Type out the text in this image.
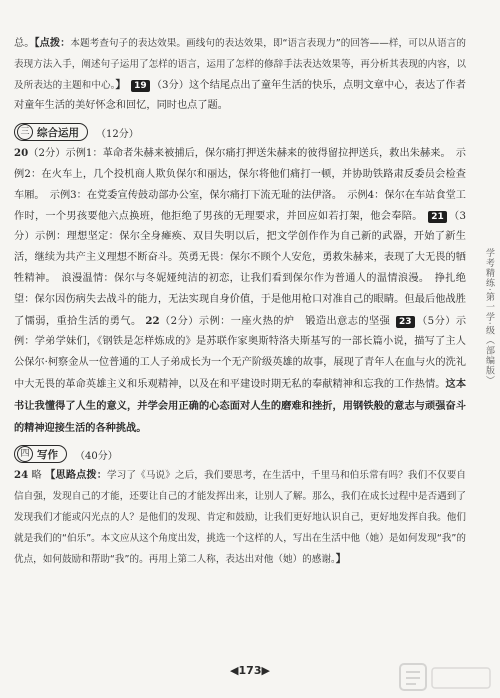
总。【点拨：本题考查句子的表达效果。画线句的表达效果，即“语言表现力”的回答——样，可以从语言的表现方法入手，阐述句子运用了怎样的语言，运用了怎样的修辞手法表达效果等，再分析其表现的内容，以及所表达的主题和中心。】 19 （3分）这个结尾点出了童年生活的快乐，点明文章中心，表达了作者对童年生活的美好怀念和回忆，同时也点了题。

三 综合运用 （12分）

20（2分）示例1：革命者朱赫来被捕后，保尔痛打押送朱赫来的彼得留拉押送兵，救出朱赫来。　示例2：在火车上，几个投机商人欺负保尔和丽达，保尔将他们痛打一顿，并协助铁路肃反委员会检查车厢。　示例3：在党委宣传鼓动部办公室，保尔痛打下流无耻的法伊洛。　示例4：保尔在车站食堂工作时，一个男孩要他六点换班，他拒绝了男孩的无理要求，并回应如若打架，他会奉陪。 21 （3分）示例：理想坚定：保尔全身瘫痪、双目失明以后，把文学创作作为自己新的武器，开始了新生活，继续为共产主义理想不断奋斗。英勇无畏：保尔不顾个人安危，勇救朱赫来，表现了大无畏的牺牲精神。　浪漫温情：保尔与冬妮娅纯洁的初恋，让我们看到保尔作为普通人的温情浪漫。　挣扎绝望：保尔因伤病失去战斗的能力，无法实现自身价值，于是他用枪口对准自己的眼睛。但最后他战胜了懦弱，重拾生活的勇气。 22（2分）示例：一座火热的炉　锻造出意志的坚强 23 （5分）示例：学弟学妹们，《钢铁是怎样炼成的》是苏联作家奥斯特洛夫斯基写的一部长篇小说，描写了主人公保尔·柯察金从一位普通的工人子弟成长为一个无产阶级英雄的故事，展现了青年人在血与火的洗礼中大无畏的革命英雄主义和乐观精神，以及在和平建设时期无私的奉献精神和忘我的工作热情。这本书让我懂得了人生的意义，并学会用正确的心态面对人生的磨难和挫折，用钢铁般的意志与顽强奋斗的精神迎接生活的各种挑战。

四 写作 （40分）

24 略 【思路点拨：学习了《马说》之后，我们要思考，在生活中，千里马和伯乐常有吗？我们不仅要自信自强，发现自己的才能，还要让自己的才能发挥出来，让别人了解。那么，我们在成长过程中是否遇到了发现我们才能或闪光点的人？是他们的发现、肯定和鼓励，让我们更好地认识自己，更好地发挥自我。他们就是我们的“伯乐”。本文应从这个角度出发，挑选一个这样的人，写出在生活中他（她）是如何发现“我”的优点，如何鼓励和帮助“我”的。再用上第二人称，表达出对他（她）的感谢。】

学考精练·第一学·级（部编版）
◀173▶
